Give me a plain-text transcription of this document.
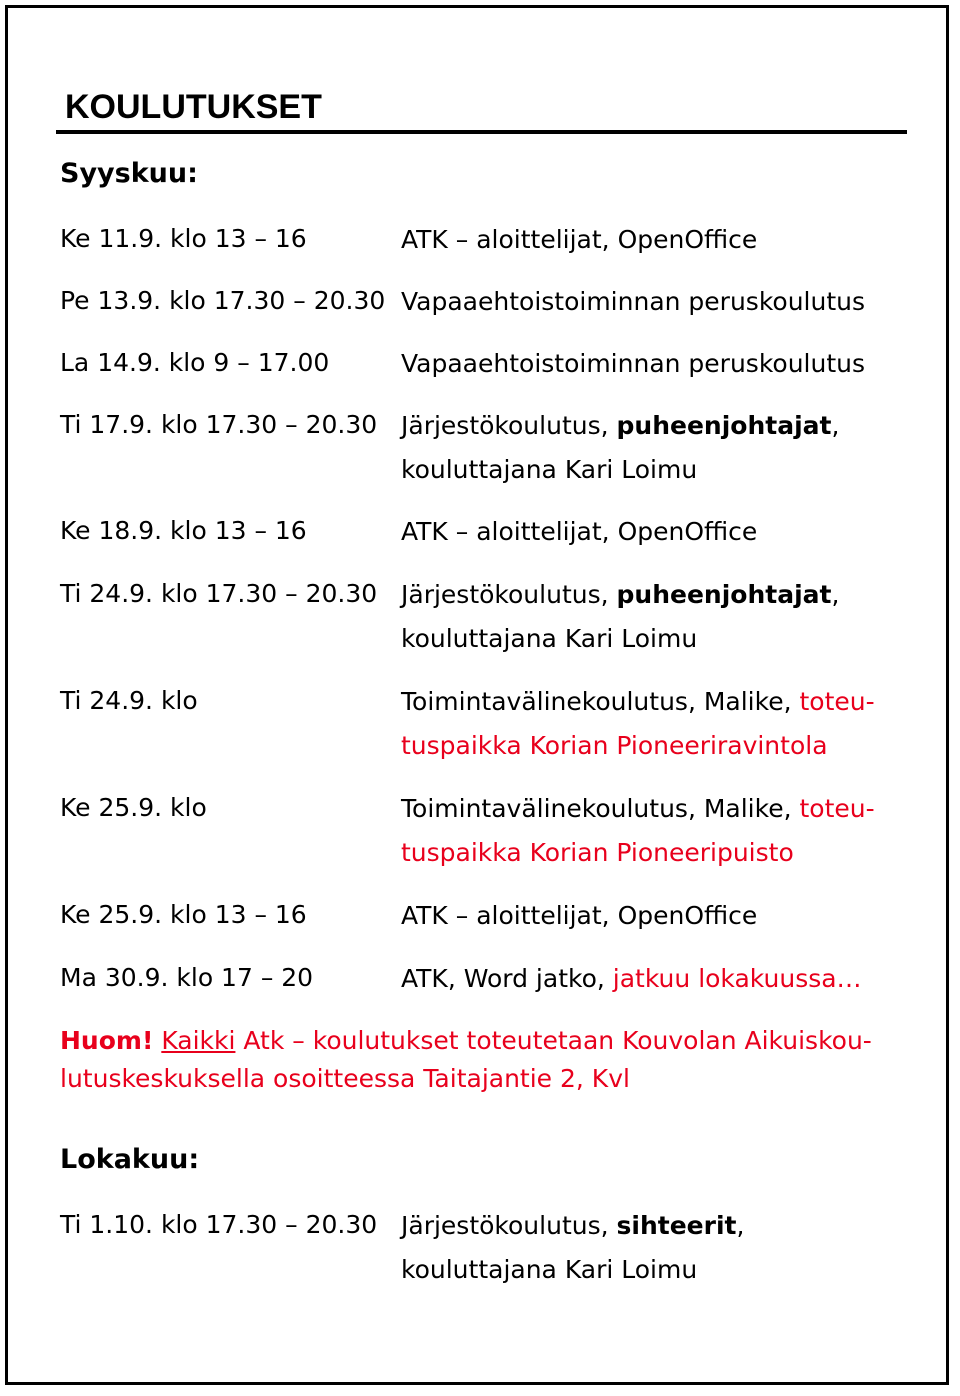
KOULUTUKSET
Syyskuu:
Ke 11.9. klo 13 – 16	ATK – aloittelijat, OpenOffice
Pe 13.9. klo 17.30 – 20.30 Vapaaehtoistoiminnan peruskoulutus
La 14.9. klo 9 – 17.00	Vapaaehtoistoiminnan peruskoulutus
Ti 17.9. klo 17.30 – 20.30 Järjestökoulutus, puheenjohtajat,
kouluttajana Kari Loimu
Ke 18.9. klo 13 – 16	ATK – aloittelijat, OpenOffice
Ti 24.9. klo 17.30 – 20.30 Järjestökoulutus, puheenjohtajat,
kouluttajana Kari Loimu
Ti 24.9. klo	Toimintavälinekoulutus, Malike, toteu-
tuspaikka Korian Pioneeriravintola
Ke 25.9. klo	Toimintavälinekoulutus, Malike, toteu-
tuspaikka Korian Pioneeripuisto
Ke 25.9. klo 13 – 16	ATK – aloittelijat, OpenOffice
Ma 30.9. klo 17 – 20	ATK, Word jatko, jatkuu lokakuussa…
Huom! Kaikki Atk – koulutukset toteutetaan Kouvolan Aikuiskou-
lutuskeskuksella osoitteessa Taitajantie 2, Kvl
Lokakuu:
Ti 1.10. klo 17.30 – 20.30 Järjestökoulutus, sihteerit,
kouluttajana Kari Loimu
